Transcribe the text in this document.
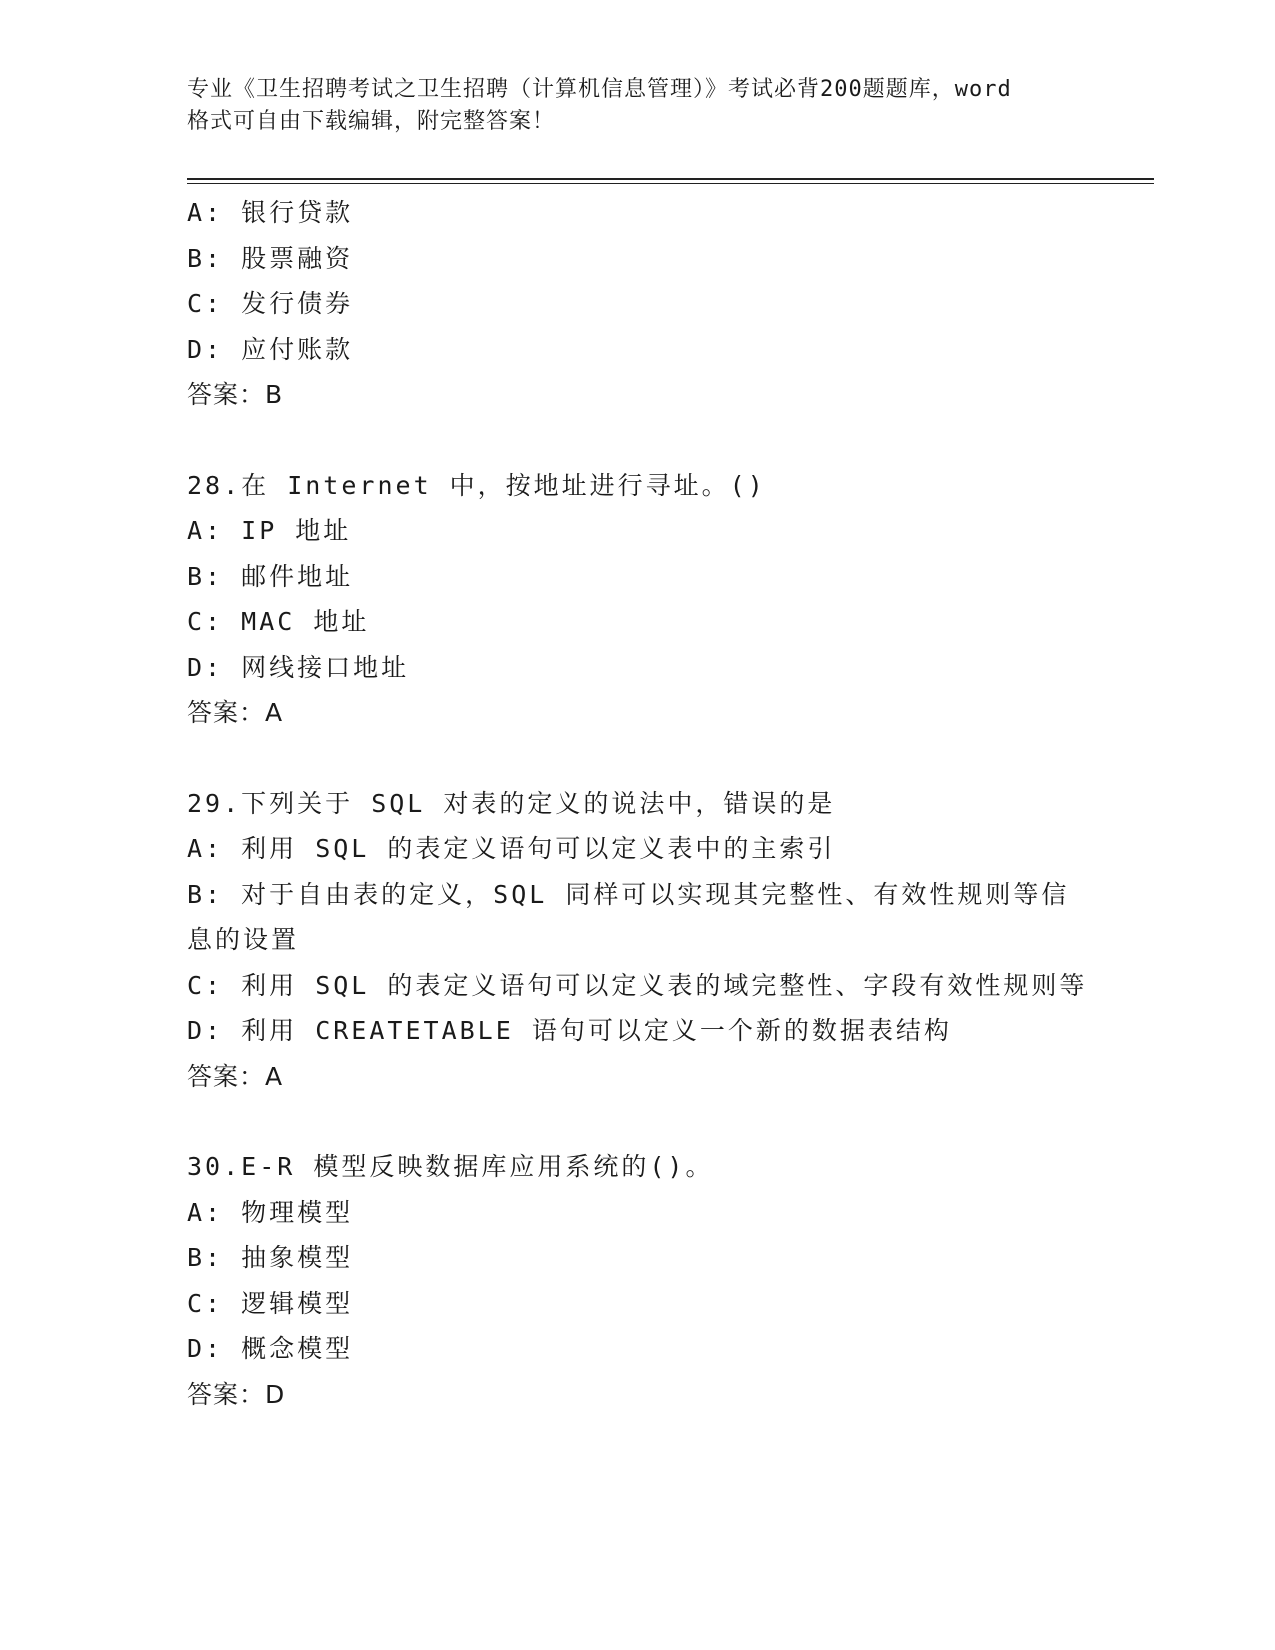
专业《卫生招聘考试之卫生招聘（计算机信息管理）》考试必背200题题库，word
格式可自由下载编辑，附完整答案！
A: 银行贷款
B: 股票融资
C: 发行债券
D: 应付账款
答案：B
28.在 Internet 中，按地址进行寻址。()
A: IP 地址
B: 邮件地址
C: MAC 地址
D: 网线接口地址
答案：A
29.下列关于 SQL 对表的定义的说法中，错误的是
A: 利用 SQL 的表定义语句可以定义表中的主索引
B: 对于自由表的定义，SQL 同样可以实现其完整性、有效性规则等信
息的设置
C: 利用 SQL 的表定义语句可以定义表的域完整性、字段有效性规则等
D: 利用 CREATETABLE 语句可以定义一个新的数据表结构
答案：A
30.E-R 模型反映数据库应用系统的()。
A: 物理模型
B: 抽象模型
C: 逻辑模型
D: 概念模型
答案：D
